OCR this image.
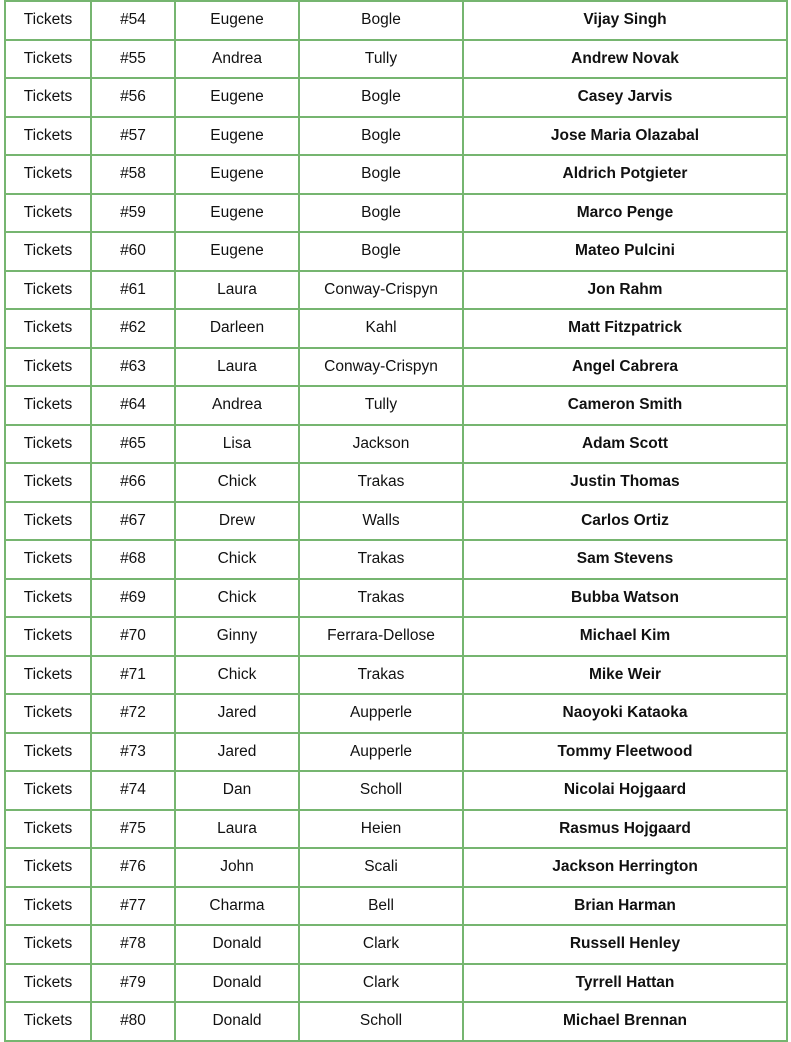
Tickets	#54	Eugene	Bogle	Vijay Singh
Tickets	#55	Andrea	Tully	Andrew Novak
Tickets	#56	Eugene	Bogle	Casey Jarvis
Tickets	#57	Eugene	Bogle	Jose Maria Olazabal
Tickets	#58	Eugene	Bogle	Aldrich Potgieter
Tickets	#59	Eugene	Bogle	Marco Penge
Tickets	#60	Eugene	Bogle	Mateo Pulcini
Tickets	#61	Laura	Conway-Crispyn	Jon Rahm
Tickets	#62	Darleen	Kahl	Matt Fitzpatrick
Tickets	#63	Laura	Conway-Crispyn	Angel Cabrera
Tickets	#64	Andrea	Tully	Cameron Smith
Tickets	#65	Lisa	Jackson	Adam Scott
Tickets	#66	Chick	Trakas	Justin Thomas
Tickets	#67	Drew	Walls	Carlos Ortiz
Tickets	#68	Chick	Trakas	Sam Stevens
Tickets	#69	Chick	Trakas	Bubba Watson
Tickets	#70	Ginny	Ferrara-Dellose	Michael Kim
Tickets	#71	Chick	Trakas	Mike Weir
Tickets	#72	Jared	Aupperle	Naoyoki Kataoka
Tickets	#73	Jared	Aupperle	Tommy Fleetwood
Tickets	#74	Dan	Scholl	Nicolai Hojgaard
Tickets	#75	Laura	Heien	Rasmus Hojgaard
Tickets	#76	John	Scali	Jackson Herrington
Tickets	#77	Charma	Bell	Brian Harman
Tickets	#78	Donald	Clark	Russell Henley
Tickets	#79	Donald	Clark	Tyrrell Hattan
Tickets	#80	Donald	Scholl	Michael Brennan
